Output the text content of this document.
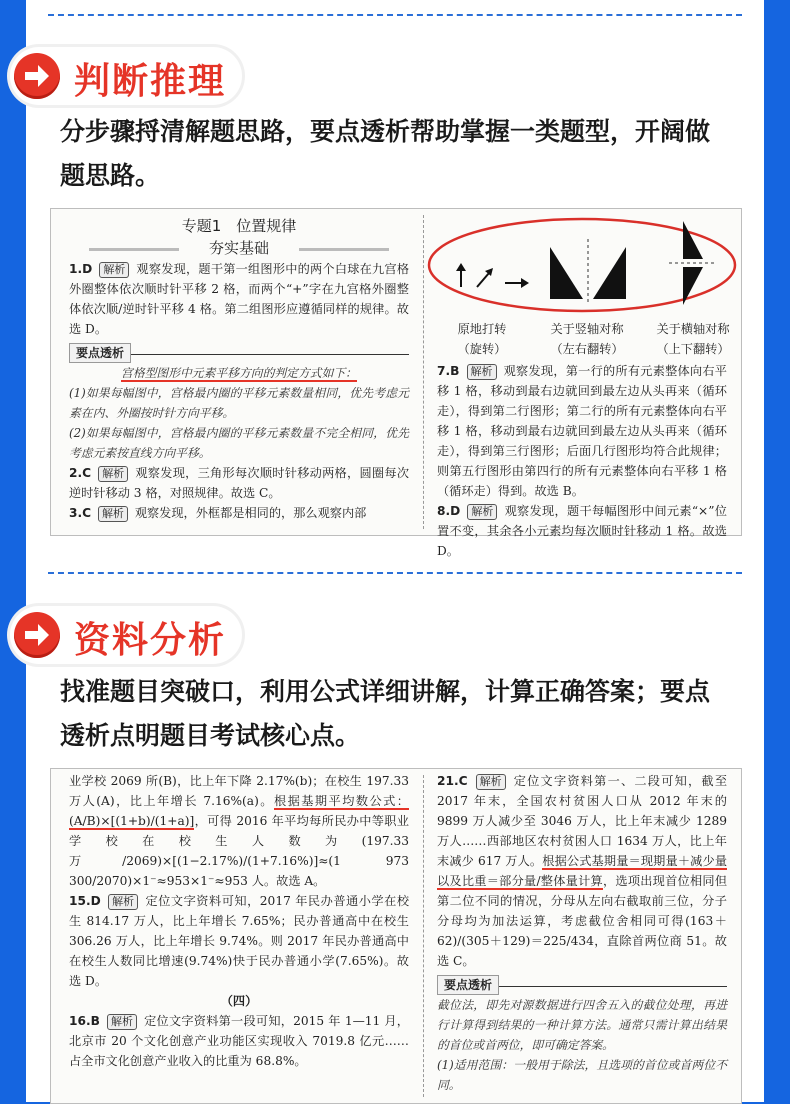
判断推理
分步骤捋清解题思路，要点透析帮助掌握一类题型，开阔做题思路。
专题1　位置规律
夯实基础

1.D 解析 观察发现，题干第一组图形中的两个白球在九宫格外圈整体依次顺时针平移 2 格，而两个“+”字在九宫格外圈整体依次顺/逆时针平移 4 格。第二组图形应遵循同样的规律。故选 D。

要点透析
宫格型图形中元素平移方向的判定方式如下：

(1)如果每幅图中，宫格最内圈的平移元素数量相同，优先考虑元素在内、外圈按时针方向平移。

(2)如果每幅图中，宫格最内圈的平移元素数量不完全相同，优先考虑元素按直线方向平移。

2.C 解析 观察发现，三角形每次顺时针移动两格，圆圈每次逆时针移动 3 格，对照规律。故选 C。

3.C 解析 观察发现，外框都是相同的，那么观察内部

原地打转
（旋转）
关于竖轴对称
（左右翻转）
关于横轴对称
（上下翻转）

7.B 解析 观察发现，第一行的所有元素整体向右平移 1 格，移动到最右边就回到最左边从头再来（循环走），得到第二行图形；第二行的所有元素整体向右平移 1 格，移动到最右边就回到最左边从头再来（循环走），得到第三行图形；后面几行图形均符合此规律；则第五行图形由第四行的所有元素整体向右平移 1 格（循环走）得到。故选 B。

8.D 解析 观察发现，题干每幅图形中间元素“×”位置不变，其余各小元素均每次顺时针移动 1 格。故选 D。

资料分析
找准题目突破口，利用公式详细讲解，计算正确答案；要点透析点明题目考试核心点。

业学校 2069 所(B)，比上年下降 2.17%(b)；在校生 197.33 万人(A)，比上年增长 7.16%(a)。根据基期平均数公式：(A/B)×[(1+b)/(1+a)]，可得 2016 年平均每所民办中等职业学校在校生人数为(197.33 万/2069)×[(1−2.17%)/(1+7.16%)]≈(1 973 300/2070)×1⁻≈953×1⁻≈953 人。故选 A。

15.D 解析 定位文字资料可知，2017 年民办普通小学在校生 814.17 万人，比上年增长 7.65%；民办普通高中在校生 306.26 万人，比上年增长 9.74%。则 2017 年民办普通高中在校生人数同比增速(9.74%)快于民办普通小学(7.65%)。故选 D。

（四）

16.B 解析 定位文字资料第一段可知，2015 年 1—11 月，北京市 20 个文化创意产业功能区实现收入 7019.8 亿元……占全市文化创意产业收入的比重为 68.8%。

21.C 解析 定位文字资料第一、二段可知，截至 2017 年末，全国农村贫困人口从 2012 年末的 9899 万人减少至 3046 万人，比上年末减少 1289 万人……西部地区农村贫困人口 1634 万人，比上年末减少 617 万人。根据公式基期量＝现期量＋减少量以及比重＝部分量/整体量计算，选项出现首位相同但第二位不同的情况，分母从左向右截取前三位，分子分母均为加法运算，考虑截位舍相同可得(163＋62)/(305＋129)＝225/434，直除首两位商 51。故选 C。

要点透析

截位法，即先对源数据进行四舍五入的截位处理，再进行计算得到结果的一种计算方法。通常只需计算出结果的首位或首两位，即可确定答案。

(1)适用范围：一般用于除法，且选项的首位或首两位不同。
